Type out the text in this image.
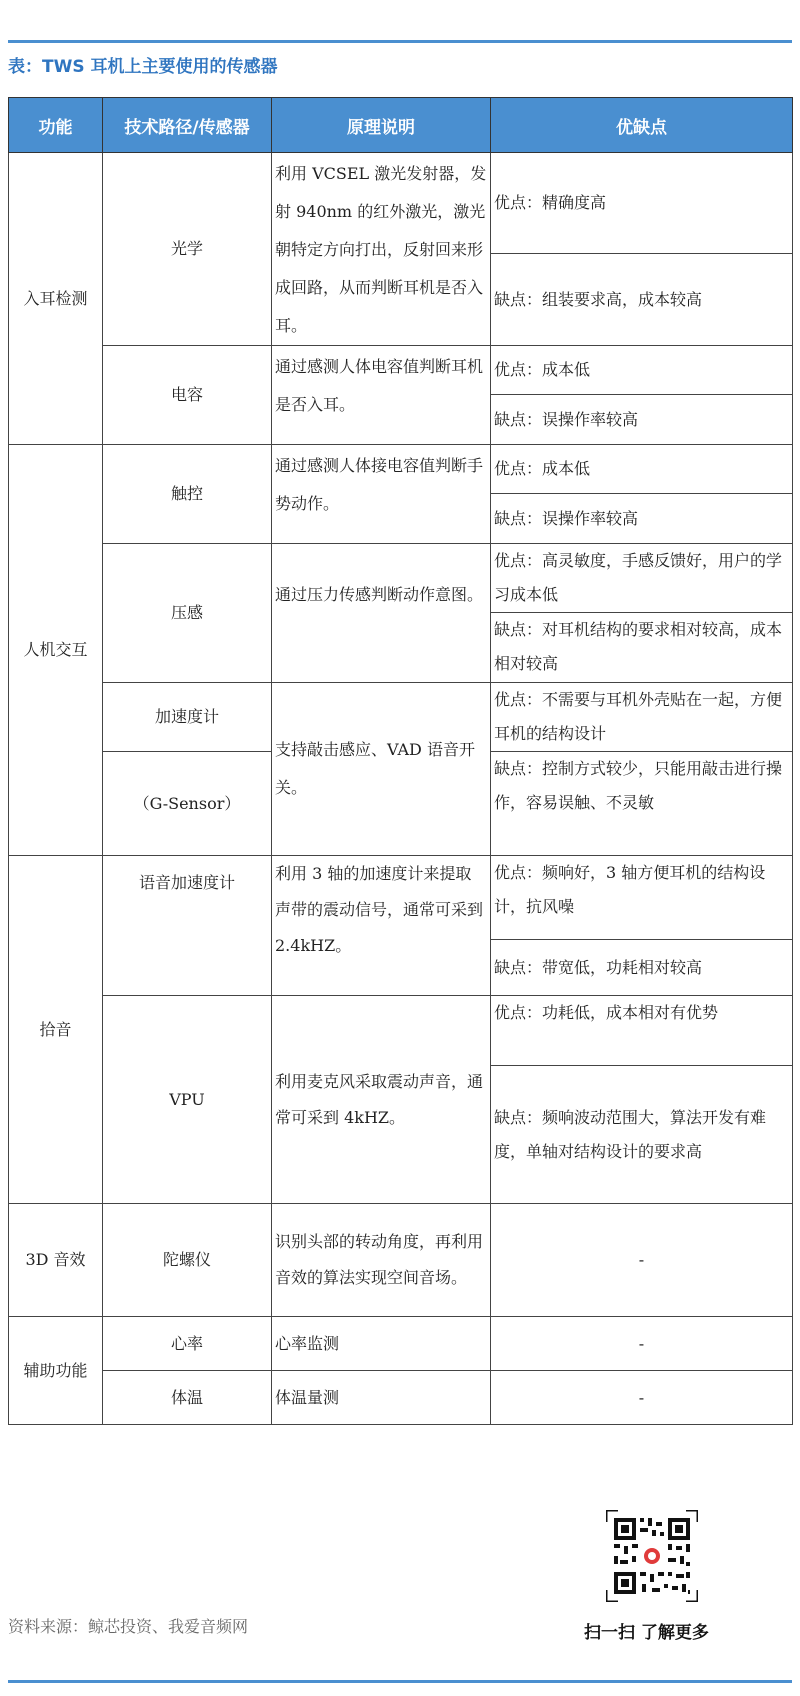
表：TWS 耳机上主要使用的传感器
功能	技术路径/传感器	原理说明	优缺点
入耳检测	光学	利用 VCSEL 激光发射器，发射 940nm 的红外激光，激光朝特定方向打出，反射回来形成回路，从而判断耳机是否入耳。	优点：精确度高
			缺点：组装要求高，成本较高
	电容	通过感测人体电容值判断耳机是否入耳。	优点：成本低
			缺点：误操作率较高
人机交互	触控	通过感测人体接电容值判断手势动作。	优点：成本低
			缺点：误操作率较高
	压感	通过压力传感判断动作意图。	优点：高灵敏度，手感反馈好，用户的学习成本低
			缺点：对耳机结构的要求相对较高，成本相对较高
	加速度计	支持敲击感应、VAD 语音开关。	优点：不需要与耳机外壳贴在一起，方便耳机的结构设计
	（G-Sensor）		缺点：控制方式较少，只能用敲击进行操作，容易误触、不灵敏

拾音	语音加速度计	利用 3 轴的加速度计来提取声带的震动信号，通常可采到 2.4kHZ。	优点：频响好，3 轴方便耳机的结构设计，抗风噪
			缺点：带宽低，功耗相对较高
	VPU	利用麦克风采取震动声音，通常可采到 4kHZ。	优点：功耗低，成本相对有优势
			缺点：频响波动范围大，算法开发有难度，单轴对结构设计的要求高
3D 音效	陀螺仪	识别头部的转动角度，再利用音效的算法实现空间音场。	-
辅助功能	心率	心率监测	-
	体温	体温量测	-
资料来源：鲸芯投资、我爱音频网	扫一扫 了解更多
